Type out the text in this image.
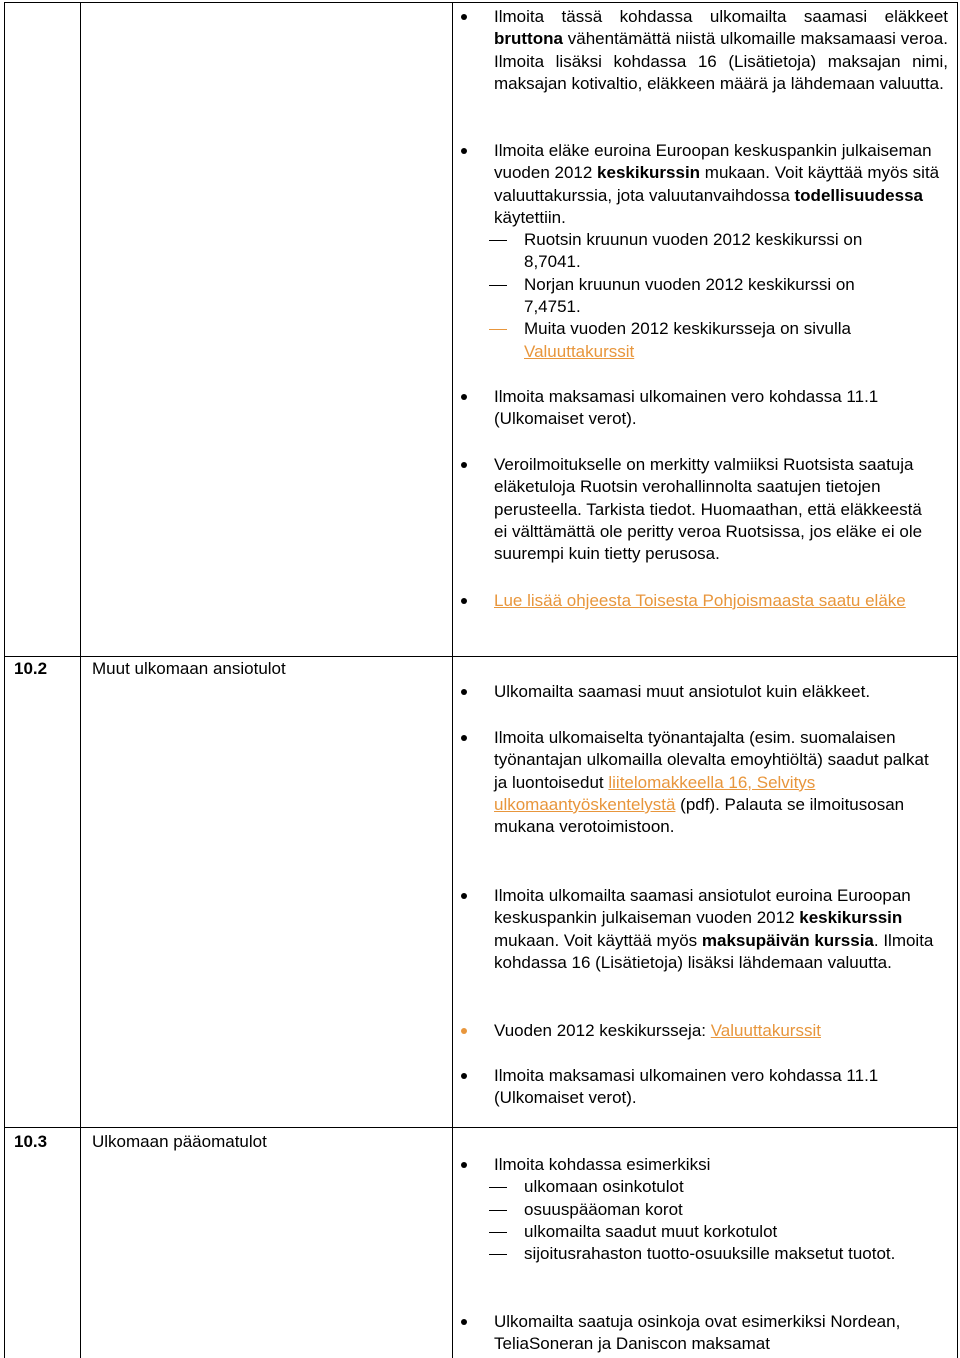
Ilmoita tässä kohdassa ulkomailta saamasi eläkkeet bruttona vähentämättä niistä ulkomaille maksamaasi veroa. Ilmoita lisäksi kohdassa 16 (Lisätietoja) maksajan nimi, maksajan kotivaltio, eläkkeen määrä ja lähdemaan valuutta.
Ilmoita eläke euroina Euroopan keskuspankin julkaiseman vuoden 2012 keskikurssin mukaan. Voit käyttää myös sitä valuuttakurssia, jota valuutanvaihdossa todellisuudessa käytettiin.
Ruotsin kruunun vuoden 2012 keskikurssi on 8,7041.
Norjan kruunun vuoden 2012 keskikurssi on 7,4751.
Muita vuoden 2012 keskikursseja on sivulla Valuuttakurssit
Ilmoita maksamasi ulkomainen vero kohdassa 11.1 (Ulkomaiset verot).
Veroilmoitukselle on merkitty valmiiksi Ruotsista saatuja eläketuloja Ruotsin verohallinnolta saatujen tietojen perusteella. Tarkista tiedot. Huomaathan, että eläkkeestä ei välttämättä ole peritty veroa Ruotsissa, jos eläke ei ole suurempi kuin tietty perusosa.
Lue lisää ohjeesta Toisesta Pohjoismaasta saatu eläke
10.2	Muut ulkomaan ansiotulot
Ulkomailta saamasi muut ansiotulot kuin eläkkeet.
Ilmoita ulkomaiselta työnantajalta (esim. suomalaisen työnantajan ulkomailla olevalta emoyhtiöltä) saadut palkat ja luontoisedut liitelomakkeella 16, Selvitys ulkomaantyöskentelystä (pdf). Palauta se ilmoitusosan mukana verotoimistoon.
Ilmoita ulkomailta saamasi ansiotulot euroina Euroopan keskuspankin julkaiseman vuoden 2012 keskikurssin mukaan. Voit käyttää myös maksupäivän kurssia. Ilmoita kohdassa 16 (Lisätietoja) lisäksi lähdemaan valuutta.
Vuoden 2012 keskikursseja: Valuuttakurssit
Ilmoita maksamasi ulkomainen vero kohdassa 11.1 (Ulkomaiset verot).
10.3	Ulkomaan pääomatulot
Ilmoita kohdassa esimerkiksi
ulkomaan osinkotulot
osuuspääoman korot
ulkomailta saadut muut korkotulot
sijoitusrahaston tuotto-osuuksille maksetut tuotot.
Ulkomailta saatuja osinkoja ovat esimerkiksi Nordean, TeliaSoneran ja Daniscon maksamat
